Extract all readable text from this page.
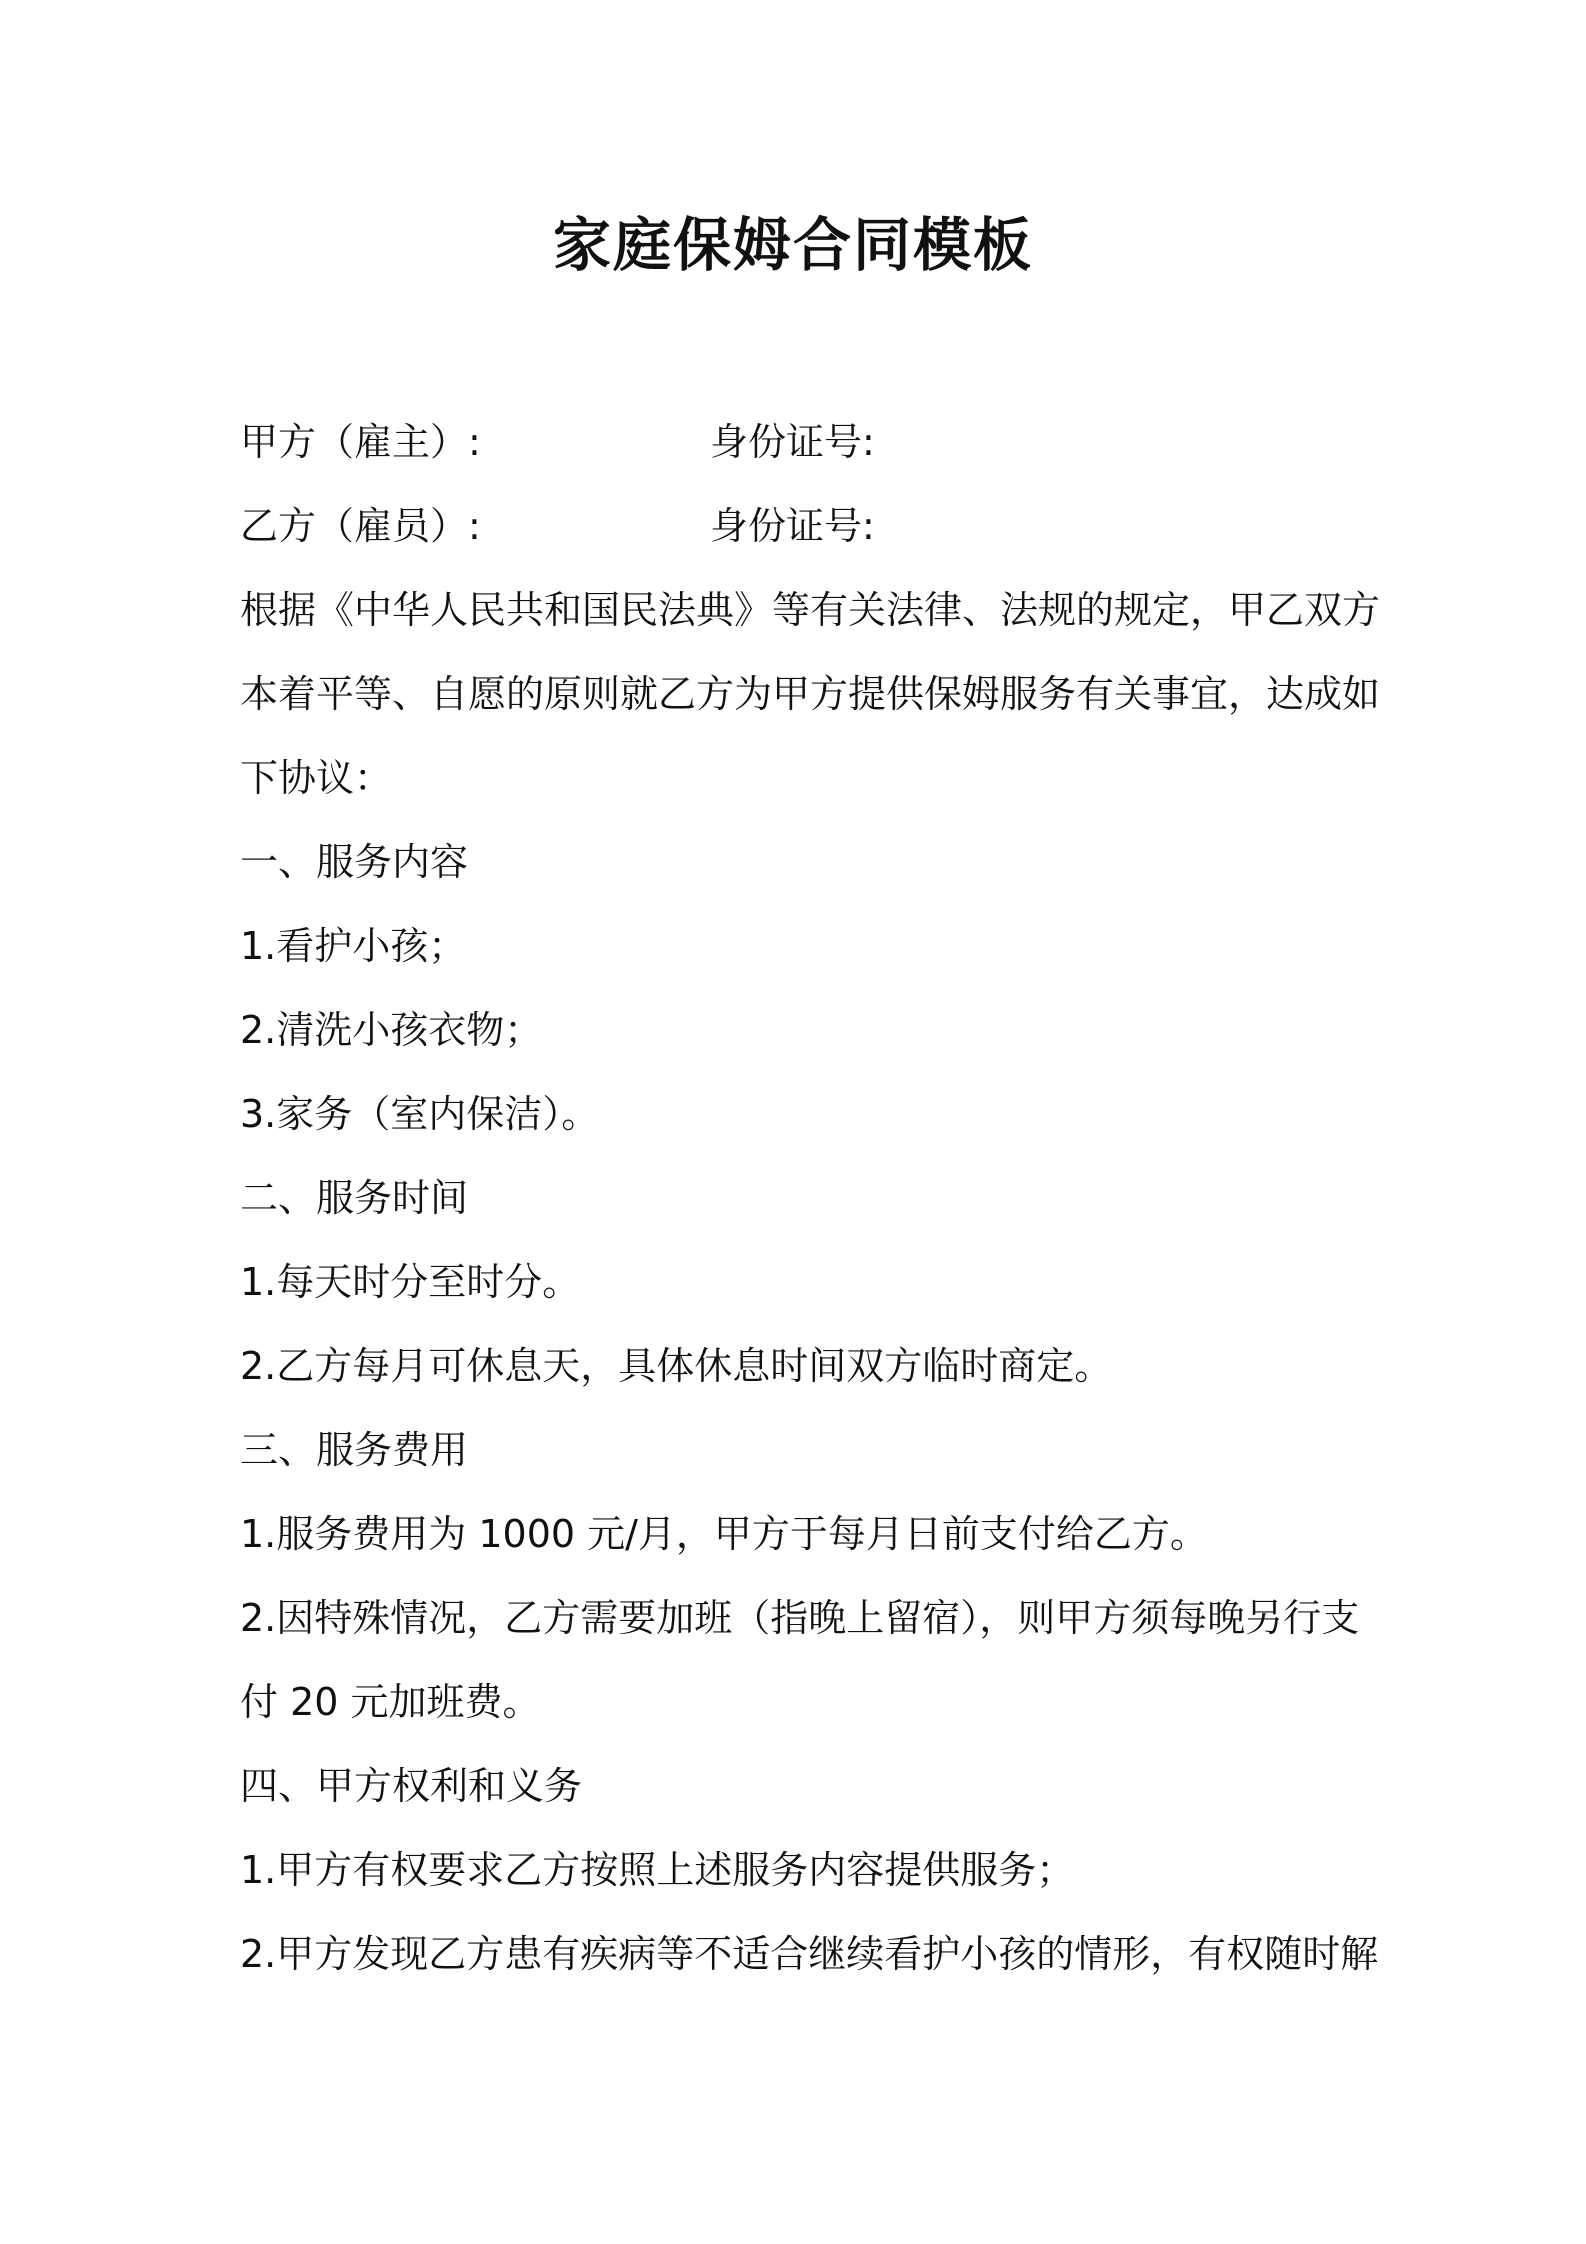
家庭保姆合同模板
甲方（雇主）:	身份证号:
乙方（雇员）:	身份证号:

根据《中华人民共和国民法典》等有关法律、法规的规定，甲乙双方

本着平等、自愿的原则就乙方为甲方提供保姆服务有关事宜，达成如

下协议：

一、服务内容

1.看护小孩；

2.清洗小孩衣物；

3.家务（室内保洁）。

二、服务时间

1.每天时分至时分。

2.乙方每月可休息天，具体休息时间双方临时商定。

三、服务费用

1.服务费用为 1000 元/月，甲方于每月日前支付给乙方。

2.因特殊情况，乙方需要加班（指晚上留宿），则甲方须每晚另行支

付 20 元加班费。

四、甲方权利和义务

1.甲方有权要求乙方按照上述服务内容提供服务；

2.甲方发现乙方患有疾病等不适合继续看护小孩的情形，有权随时解
